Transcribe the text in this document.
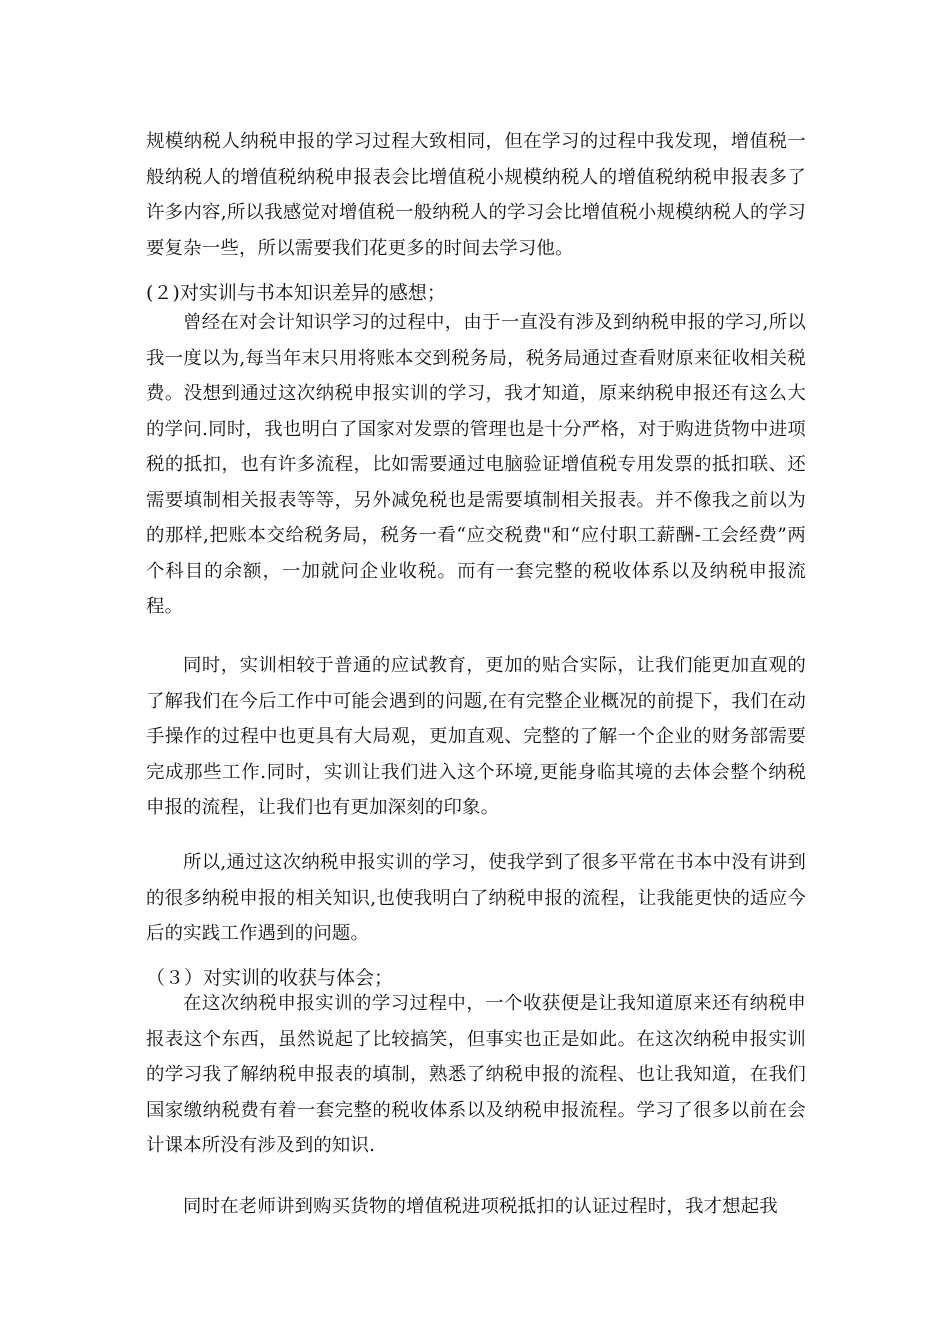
规模纳税人纳税申报的学习过程大致相同，但在学习的过程中我发现，增值税一般纳税人的增值税纳税申报表会比增值税小规模纳税人的增值税纳税申报表多了许多内容,所以我感觉对增值税一般纳税人的学习会比增值税小规模纳税人的学习要复杂一些，所以需要我们花更多的时间去学习他。

(２)对实训与书本知识差异的感想；

曾经在对会计知识学习的过程中，由于一直没有涉及到纳税申报的学习,所以我一度以为,每当年末只用将账本交到税务局，税务局通过查看财原来征收相关税费。没想到通过这次纳税申报实训的学习，我才知道，原来纳税申报还有这么大的学问.同时，我也明白了国家对发票的管理也是十分严格，对于购进货物中进项税的抵扣，也有许多流程，比如需要通过电脑验证增值税专用发票的抵扣联、还需要填制相关报表等等，另外减免税也是需要填制相关报表。并不像我之前以为的那样,把账本交给税务局，税务一看“应交税费"和“应付职工薪酬-工会经费”两个科目的余额，一加就问企业收税。而有一套完整的税收体系以及纳税申报流程。

同时，实训相较于普通的应试教育，更加的贴合实际，让我们能更加直观的了解我们在今后工作中可能会遇到的问题,在有完整企业概况的前提下，我们在动手操作的过程中也更具有大局观，更加直观、完整的了解一个企业的财务部需要完成那些工作.同时，实训让我们进入这个环境,更能身临其境的去体会整个纳税申报的流程，让我们也有更加深刻的印象。

所以,通过这次纳税申报实训的学习，使我学到了很多平常在书本中没有讲到的很多纳税申报的相关知识,也使我明白了纳税申报的流程，让我能更快的适应今后的实践工作遇到的问题。

（３）对实训的收获与体会；

在这次纳税申报实训的学习过程中，一个收获便是让我知道原来还有纳税申报表这个东西，虽然说起了比较搞笑，但事实也正是如此。在这次纳税申报实训的学习我了解纳税申报表的填制，熟悉了纳税申报的流程、也让我知道，在我们国家缴纳税费有着一套完整的税收体系以及纳税申报流程。学习了很多以前在会计课本所没有涉及到的知识.

同时在老师讲到购买货物的增值税进项税抵扣的认证过程时，我才想起我
